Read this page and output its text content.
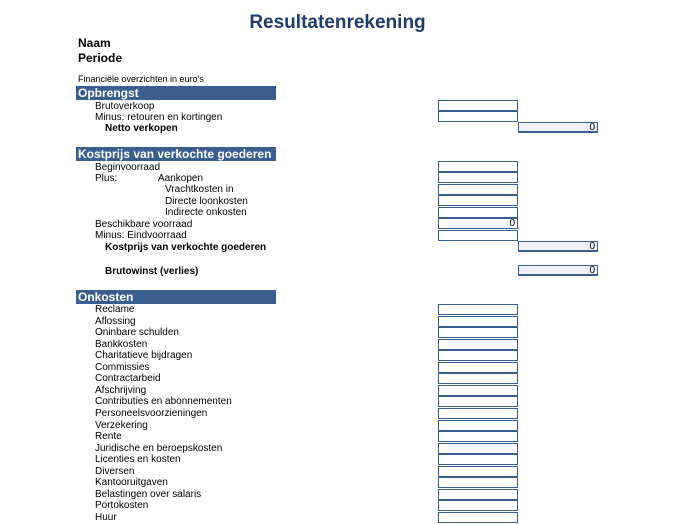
Resultatenrekening
Naam
Periode
Financiële overzichten in euro’s
Opbrengst
Brutoverkoop
Minus: retouren en kortingen
Netto verkopen	0
Kostprijs van verkochte goederen
Beginvoorraad
Plus:	Aankopen
Vrachtkosten in
Directe loonkosten
Indirecte onkosten
Beschikbare voorraad	0
Minus: Eindvoorraad
Kostprijs van verkochte goederen	0
Brutowinst (verlies)	0
Onkosten
Reclame
Aflossing
Oninbare schulden
Bankkosten
Charitatieve bijdragen
Commissies
Contractarbeid
Afschrijving
Contributies en abonnementen
Personeelsvoorzieningen
Verzekering
Rente
Juridische en beroepskosten
Licenties en kosten
Diversen
Kantooruitgaven
Belastingen over salaris
Portokosten
Huur
